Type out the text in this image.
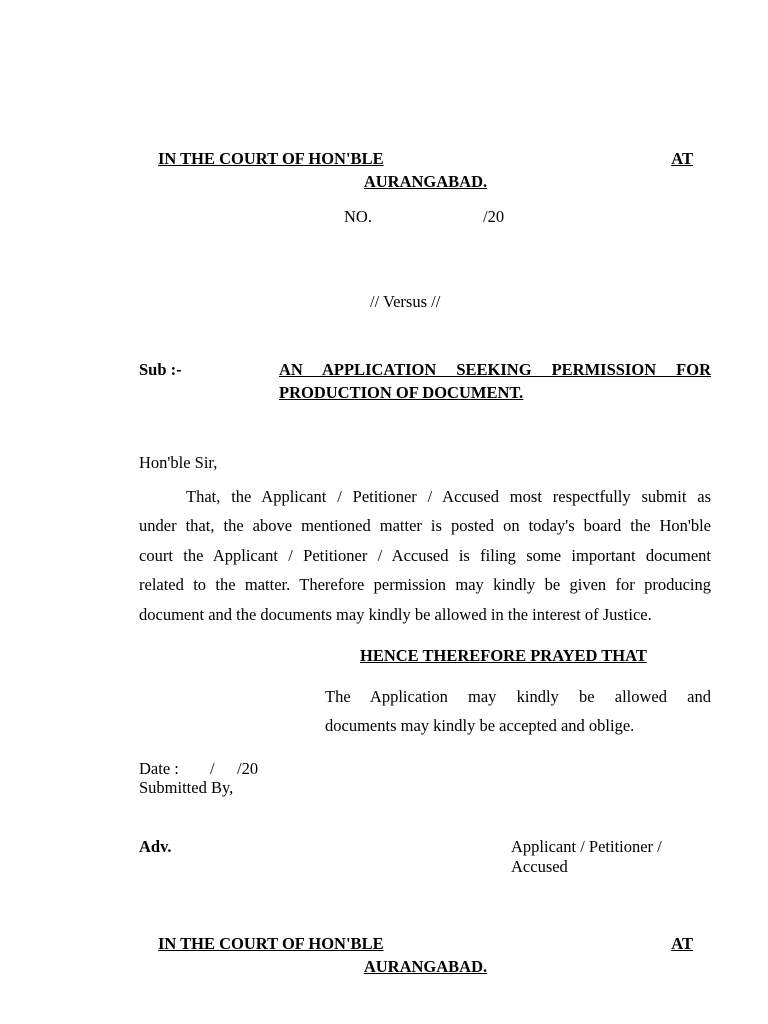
IN THE COURT OF HON'BLE	AT
AURANGABAD.
NO.	/20
// Versus //
Sub :-	AN APPLICATION SEEKING PERMISSION FOR
PRODUCTION OF DOCUMENT.
Hon'ble Sir,
That, the Applicant / Petitioner / Accused most respectfully submit as
under that, the above mentioned matter is posted on today's board the Hon'ble
court the Applicant / Petitioner / Accused is filing some important document
related to the matter. Therefore permission may kindly be given for producing
document and the documents may kindly be allowed in the interest of Justice.
HENCE THEREFORE PRAYED THAT
The Application may kindly be allowed and
documents may kindly be accepted and oblige.
Date : / /20
Submitted By,
Adv.	Applicant / Petitioner /
Accused
IN THE COURT OF HON'BLE	AT
AURANGABAD.
